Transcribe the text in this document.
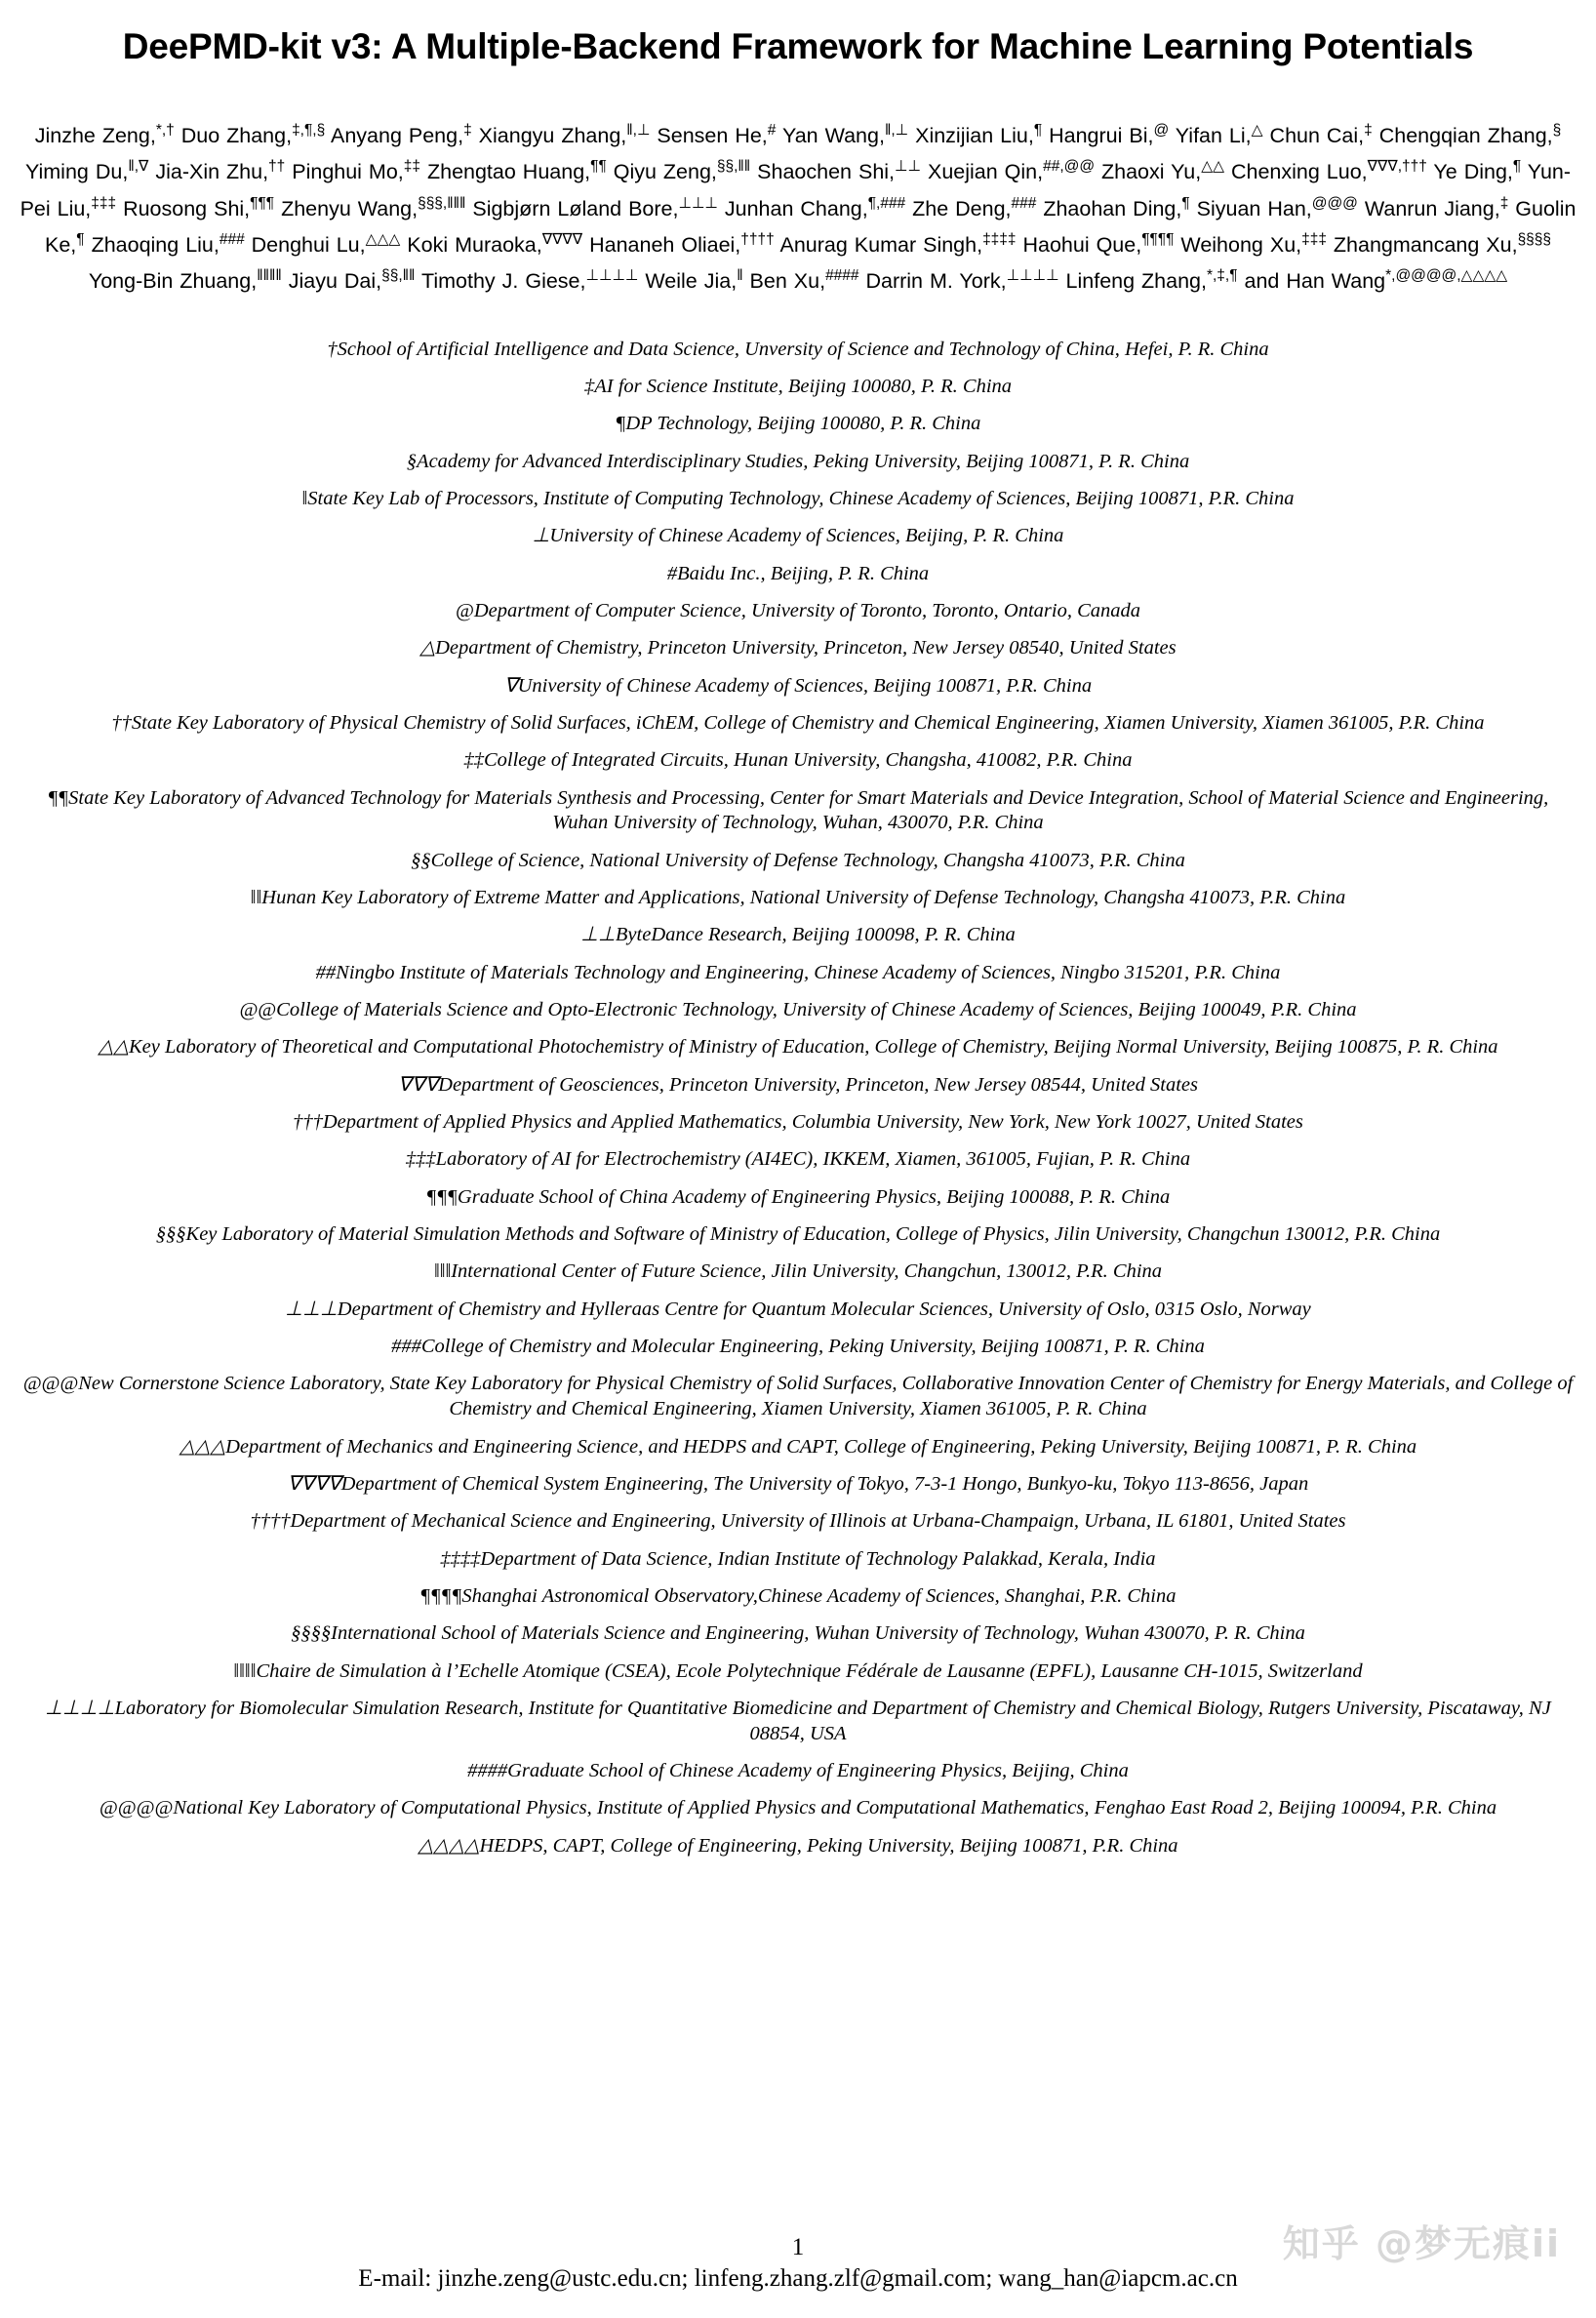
DeePMD-kit v3: A Multiple-Backend Framework for Machine Learning Potentials
Jinzhe Zeng,*,† Duo Zhang,‡,¶,§ Anyang Peng,‡ Xiangyu Zhang,‖,⊥ Sensen He,# Yan Wang,‖,⊥ Xinzijian Liu,¶ Hangrui Bi,@ Yifan Li,△ Chun Cai,‡ Chengqian Zhang,§ Yiming Du,‖,∇ Jia-Xin Zhu,†† Pinghui Mo,‡‡ Zhengtao Huang,¶¶ Qiyu Zeng,§§,‖‖ Shaochen Shi,⊥⊥ Xuejian Qin,##,@@ Zhaoxi Yu,△△ Chenxing Luo,∇∇∇,††† Ye Ding,¶ Yun-Pei Liu,‡‡‡ Ruosong Shi,¶¶¶ Zhenyu Wang,§§§,‖‖‖ Sigbjørn Løland Bore,⊥⊥⊥ Junhan Chang,¶,### Zhe Deng,### Zhaohan Ding,¶ Siyuan Han,@@@ Wanrun Jiang,‡ Guolin Ke,¶ Zhaoqing Liu,### Denghui Lu,△△△ Koki Muraoka,∇∇∇∇ Hananeh Oliaei,†††† Anurag Kumar Singh,‡‡‡‡ Haohui Que,¶¶¶¶ Weihong Xu,‡‡‡ Zhangmancang Xu,§§§§ Yong-Bin Zhuang,‖‖‖‖ Jiayu Dai,§§,‖‖ Timothy J. Giese,⊥⊥⊥⊥ Weile Jia,‖ Ben Xu,#### Darrin M. York,⊥⊥⊥⊥ Linfeng Zhang,*,‡,¶ and Han Wang*,@@@@,△△△△

†School of Artificial Intelligence and Data Science, Unversity of Science and Technology of China, Hefei, P. R. China

‡AI for Science Institute, Beijing 100080, P. R. China

¶DP Technology, Beijing 100080, P. R. China

§Academy for Advanced Interdisciplinary Studies, Peking University, Beijing 100871, P. R. China

‖State Key Lab of Processors, Institute of Computing Technology, Chinese Academy of Sciences, Beijing 100871, P.R. China

⊥University of Chinese Academy of Sciences, Beijing, P. R. China

#Baidu Inc., Beijing, P. R. China

@Department of Computer Science, University of Toronto, Toronto, Ontario, Canada

△Department of Chemistry, Princeton University, Princeton, New Jersey 08540, United States

∇University of Chinese Academy of Sciences, Beijing 100871, P.R. China

††State Key Laboratory of Physical Chemistry of Solid Surfaces, iChEM, College of Chemistry and Chemical Engineering, Xiamen University, Xiamen 361005, P.R. China

‡‡College of Integrated Circuits, Hunan University, Changsha, 410082, P.R. China

¶¶State Key Laboratory of Advanced Technology for Materials Synthesis and Processing, Center for Smart Materials and Device Integration, School of Material Science and Engineering, Wuhan University of Technology, Wuhan, 430070, P.R. China

§§College of Science, National University of Defense Technology, Changsha 410073, P.R. China

‖‖Hunan Key Laboratory of Extreme Matter and Applications, National University of Defense Technology, Changsha 410073, P.R. China

⊥⊥ByteDance Research, Beijing 100098, P. R. China

##Ningbo Institute of Materials Technology and Engineering, Chinese Academy of Sciences, Ningbo 315201, P.R. China

@@College of Materials Science and Opto-Electronic Technology, University of Chinese Academy of Sciences, Beijing 100049, P.R. China

△△Key Laboratory of Theoretical and Computational Photochemistry of Ministry of Education, College of Chemistry, Beijing Normal University, Beijing 100875, P. R. China

∇∇∇Department of Geosciences, Princeton University, Princeton, New Jersey 08544, United States

†††Department of Applied Physics and Applied Mathematics, Columbia University, New York, New York 10027, United States

‡‡‡Laboratory of AI for Electrochemistry (AI4EC), IKKEM, Xiamen, 361005, Fujian, P. R. China

¶¶¶Graduate School of China Academy of Engineering Physics, Beijing 100088, P. R. China

§§§Key Laboratory of Material Simulation Methods and Software of Ministry of Education, College of Physics, Jilin University, Changchun 130012, P.R. China

‖‖‖International Center of Future Science, Jilin University, Changchun, 130012, P.R. China

⊥⊥⊥Department of Chemistry and Hylleraas Centre for Quantum Molecular Sciences, University of Oslo, 0315 Oslo, Norway

###College of Chemistry and Molecular Engineering, Peking University, Beijing 100871, P. R. China

@@@New Cornerstone Science Laboratory, State Key Laboratory for Physical Chemistry of Solid Surfaces, Collaborative Innovation Center of Chemistry for Energy Materials, and College of Chemistry and Chemical Engineering, Xiamen University, Xiamen 361005, P. R. China

△△△Department of Mechanics and Engineering Science, and HEDPS and CAPT, College of Engineering, Peking University, Beijing 100871, P. R. China

∇∇∇∇Department of Chemical System Engineering, The University of Tokyo, 7-3-1 Hongo, Bunkyo-ku, Tokyo 113-8656, Japan

††††Department of Mechanical Science and Engineering, University of Illinois at Urbana-Champaign, Urbana, IL 61801, United States

‡‡‡‡Department of Data Science, Indian Institute of Technology Palakkad, Kerala, India

¶¶¶¶Shanghai Astronomical Observatory,Chinese Academy of Sciences, Shanghai, P.R. China

§§§§International School of Materials Science and Engineering, Wuhan University of Technology, Wuhan 430070, P. R. China

‖‖‖‖Chaire de Simulation à l’Echelle Atomique (CSEA), Ecole Polytechnique Fédérale de Lausanne (EPFL), Lausanne CH-1015, Switzerland

⊥⊥⊥⊥Laboratory for Biomolecular Simulation Research, Institute for Quantitative Biomedicine and Department of Chemistry and Chemical Biology, Rutgers University, Piscataway, NJ 08854, USA

####Graduate School of Chinese Academy of Engineering Physics, Beijing, China

@@@@National Key Laboratory of Computational Physics, Institute of Applied Physics and Computational Mathematics, Fenghao East Road 2, Beijing 100094, P.R. China

△△△△HEDPS, CAPT, College of Engineering, Peking University, Beijing 100871, P.R. China

1
E-mail: jinzhe.zeng@ustc.edu.cn; linfeng.zhang.zlf@gmail.com; wang_han@iapcm.ac.cn
知乎 @梦无痕ii
